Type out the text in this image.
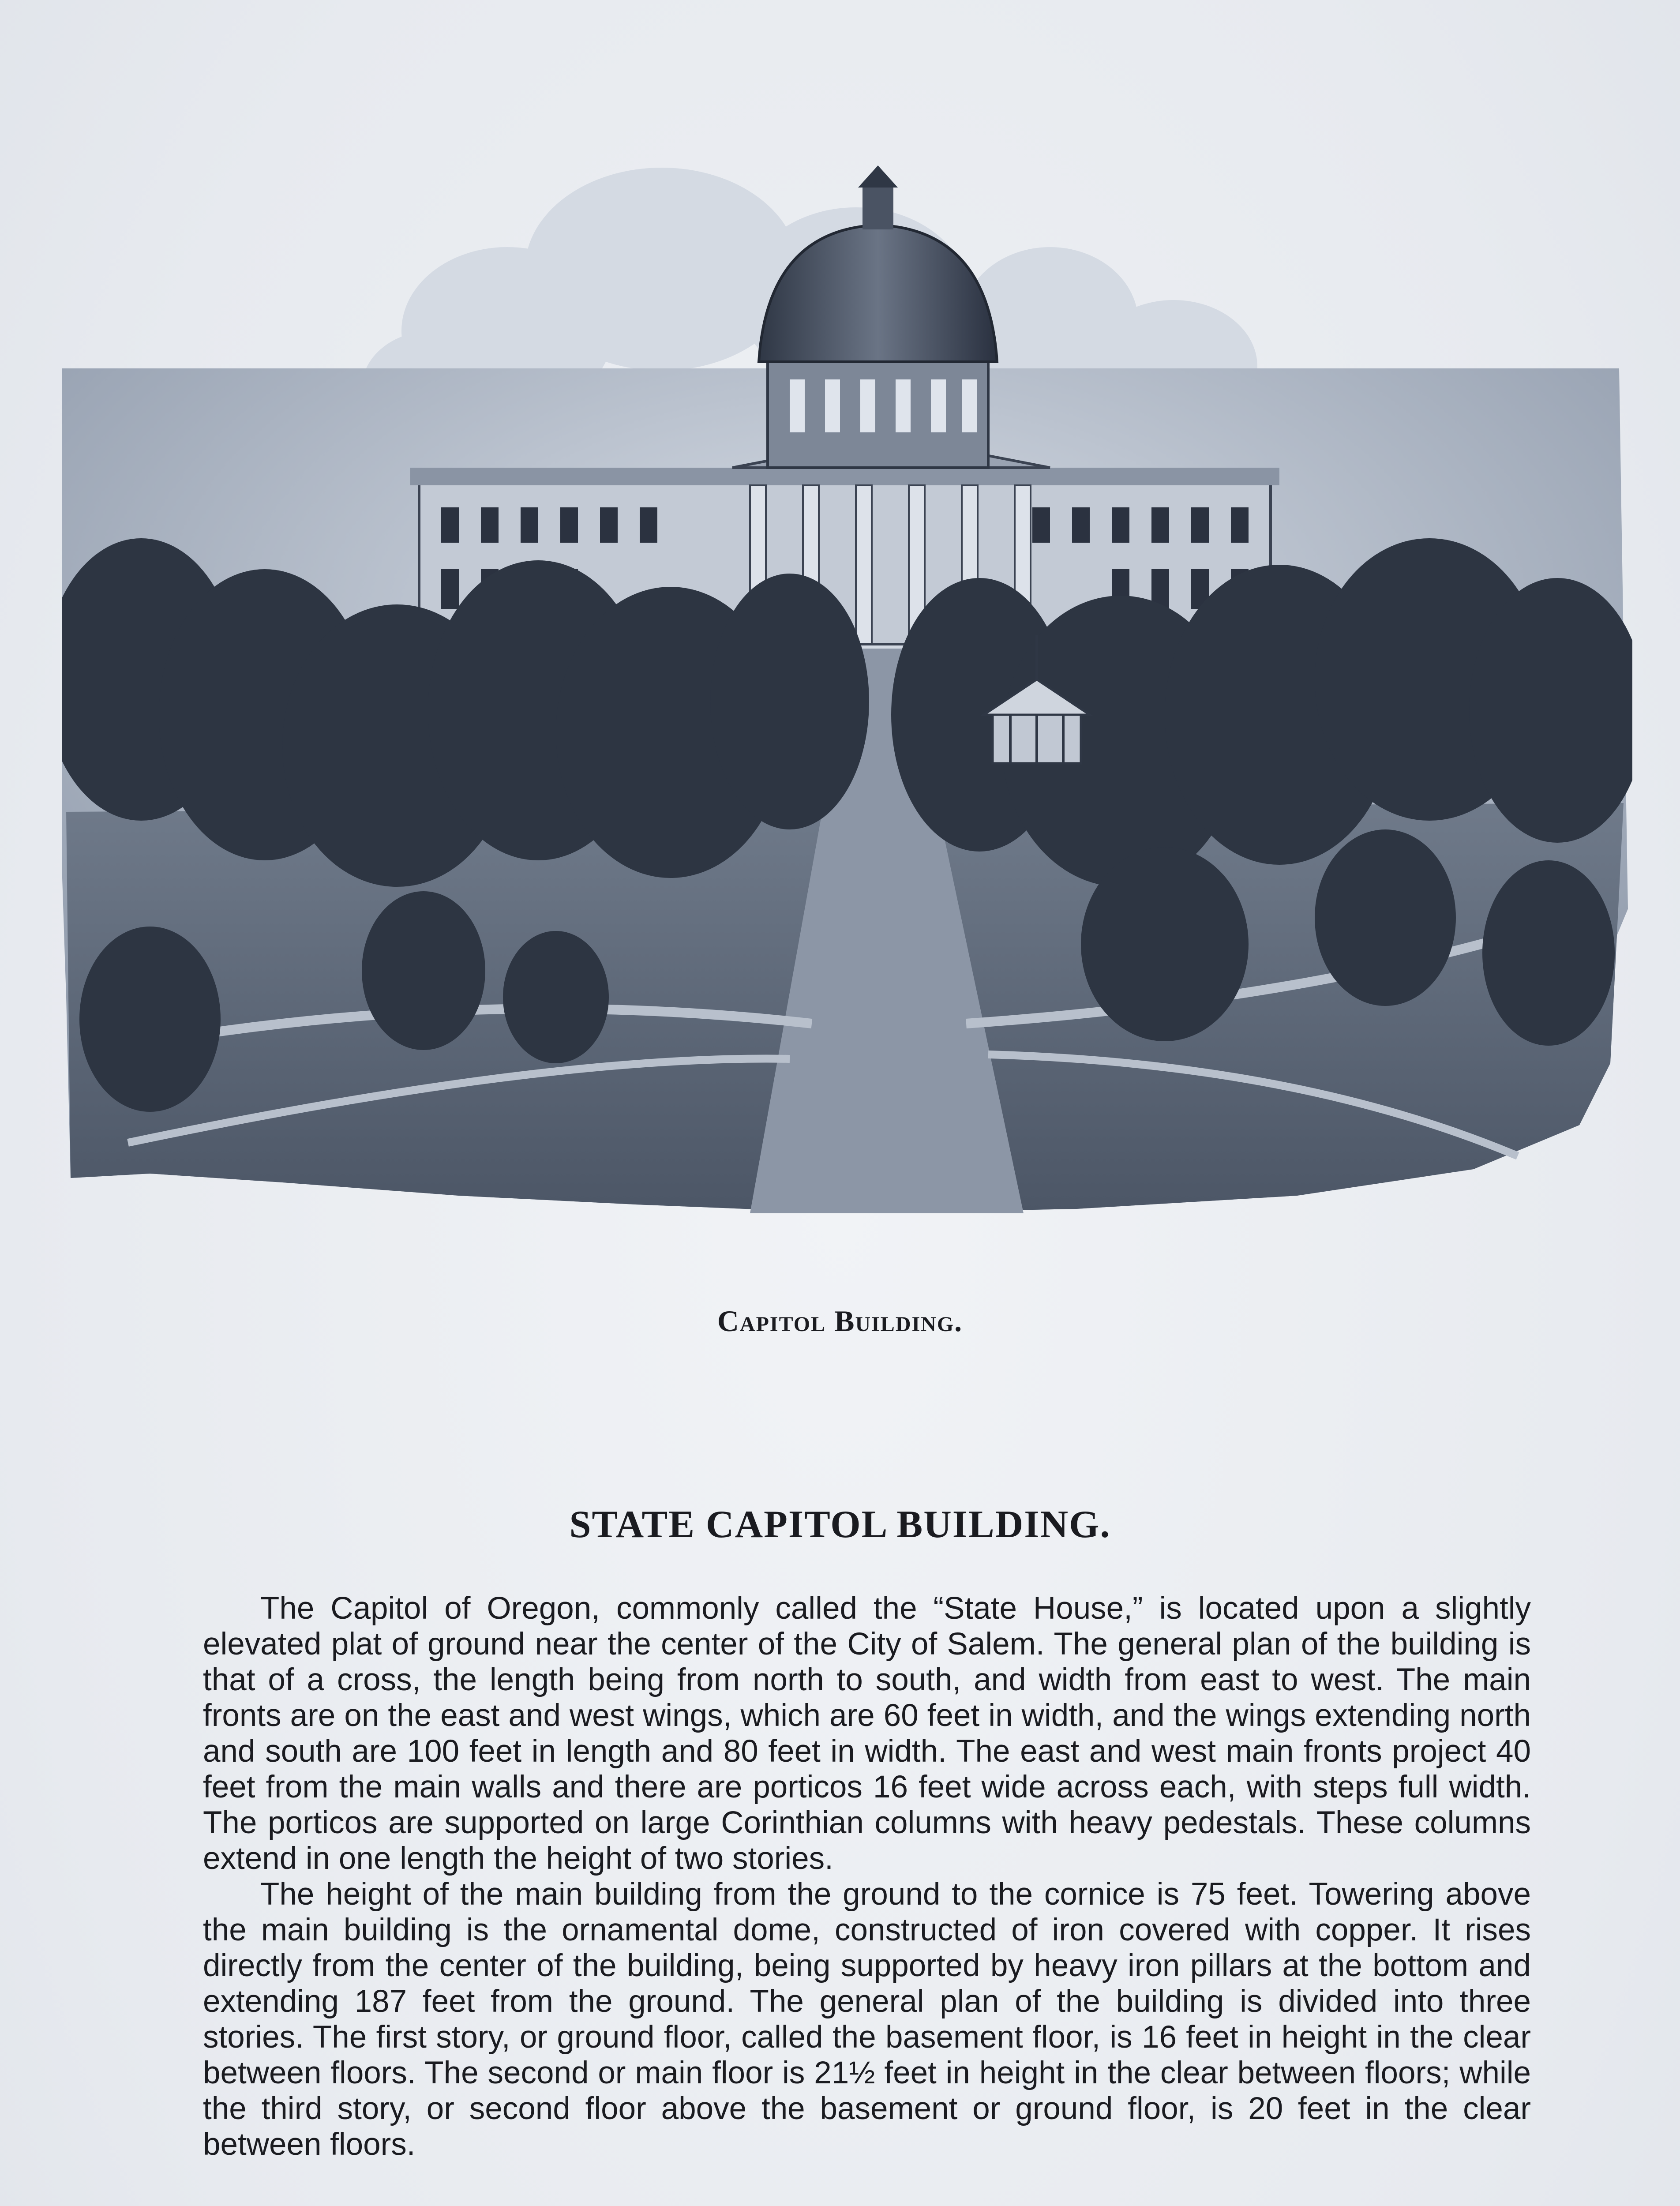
Capitol Building.
STATE CAPITOL BUILDING.

The Capitol of Oregon, commonly called the “State House,” is located upon a slightly elevated plat of ground near the center of the City of Salem. The general plan of the building is that of a cross, the length being from north to south, and width from east to west. The main fronts are on the east and west wings, which are 60 feet in width, and the wings extending north and south are 100 feet in length and 80 feet in width. The east and west main fronts project 40 feet from the main walls and there are porticos 16 feet wide across each, with steps full width. The porticos are supported on large Corinthian columns with heavy pedestals. These columns extend in one length the height of two stories.

The height of the main building from the ground to the cornice is 75 feet. Towering above the main building is the ornamental dome, constructed of iron covered with copper. It rises directly from the center of the building, being supported by heavy iron pillars at the bottom and extending 187 feet from the ground. The general plan of the building is divided into three stories. The first story, or ground floor, called the basement floor, is 16 feet in height in the clear between floors. The second or main floor is 21½ feet in height in the clear between floors; while the third story, or second floor above the basement or ground floor, is 20 feet in the clear between floors.
